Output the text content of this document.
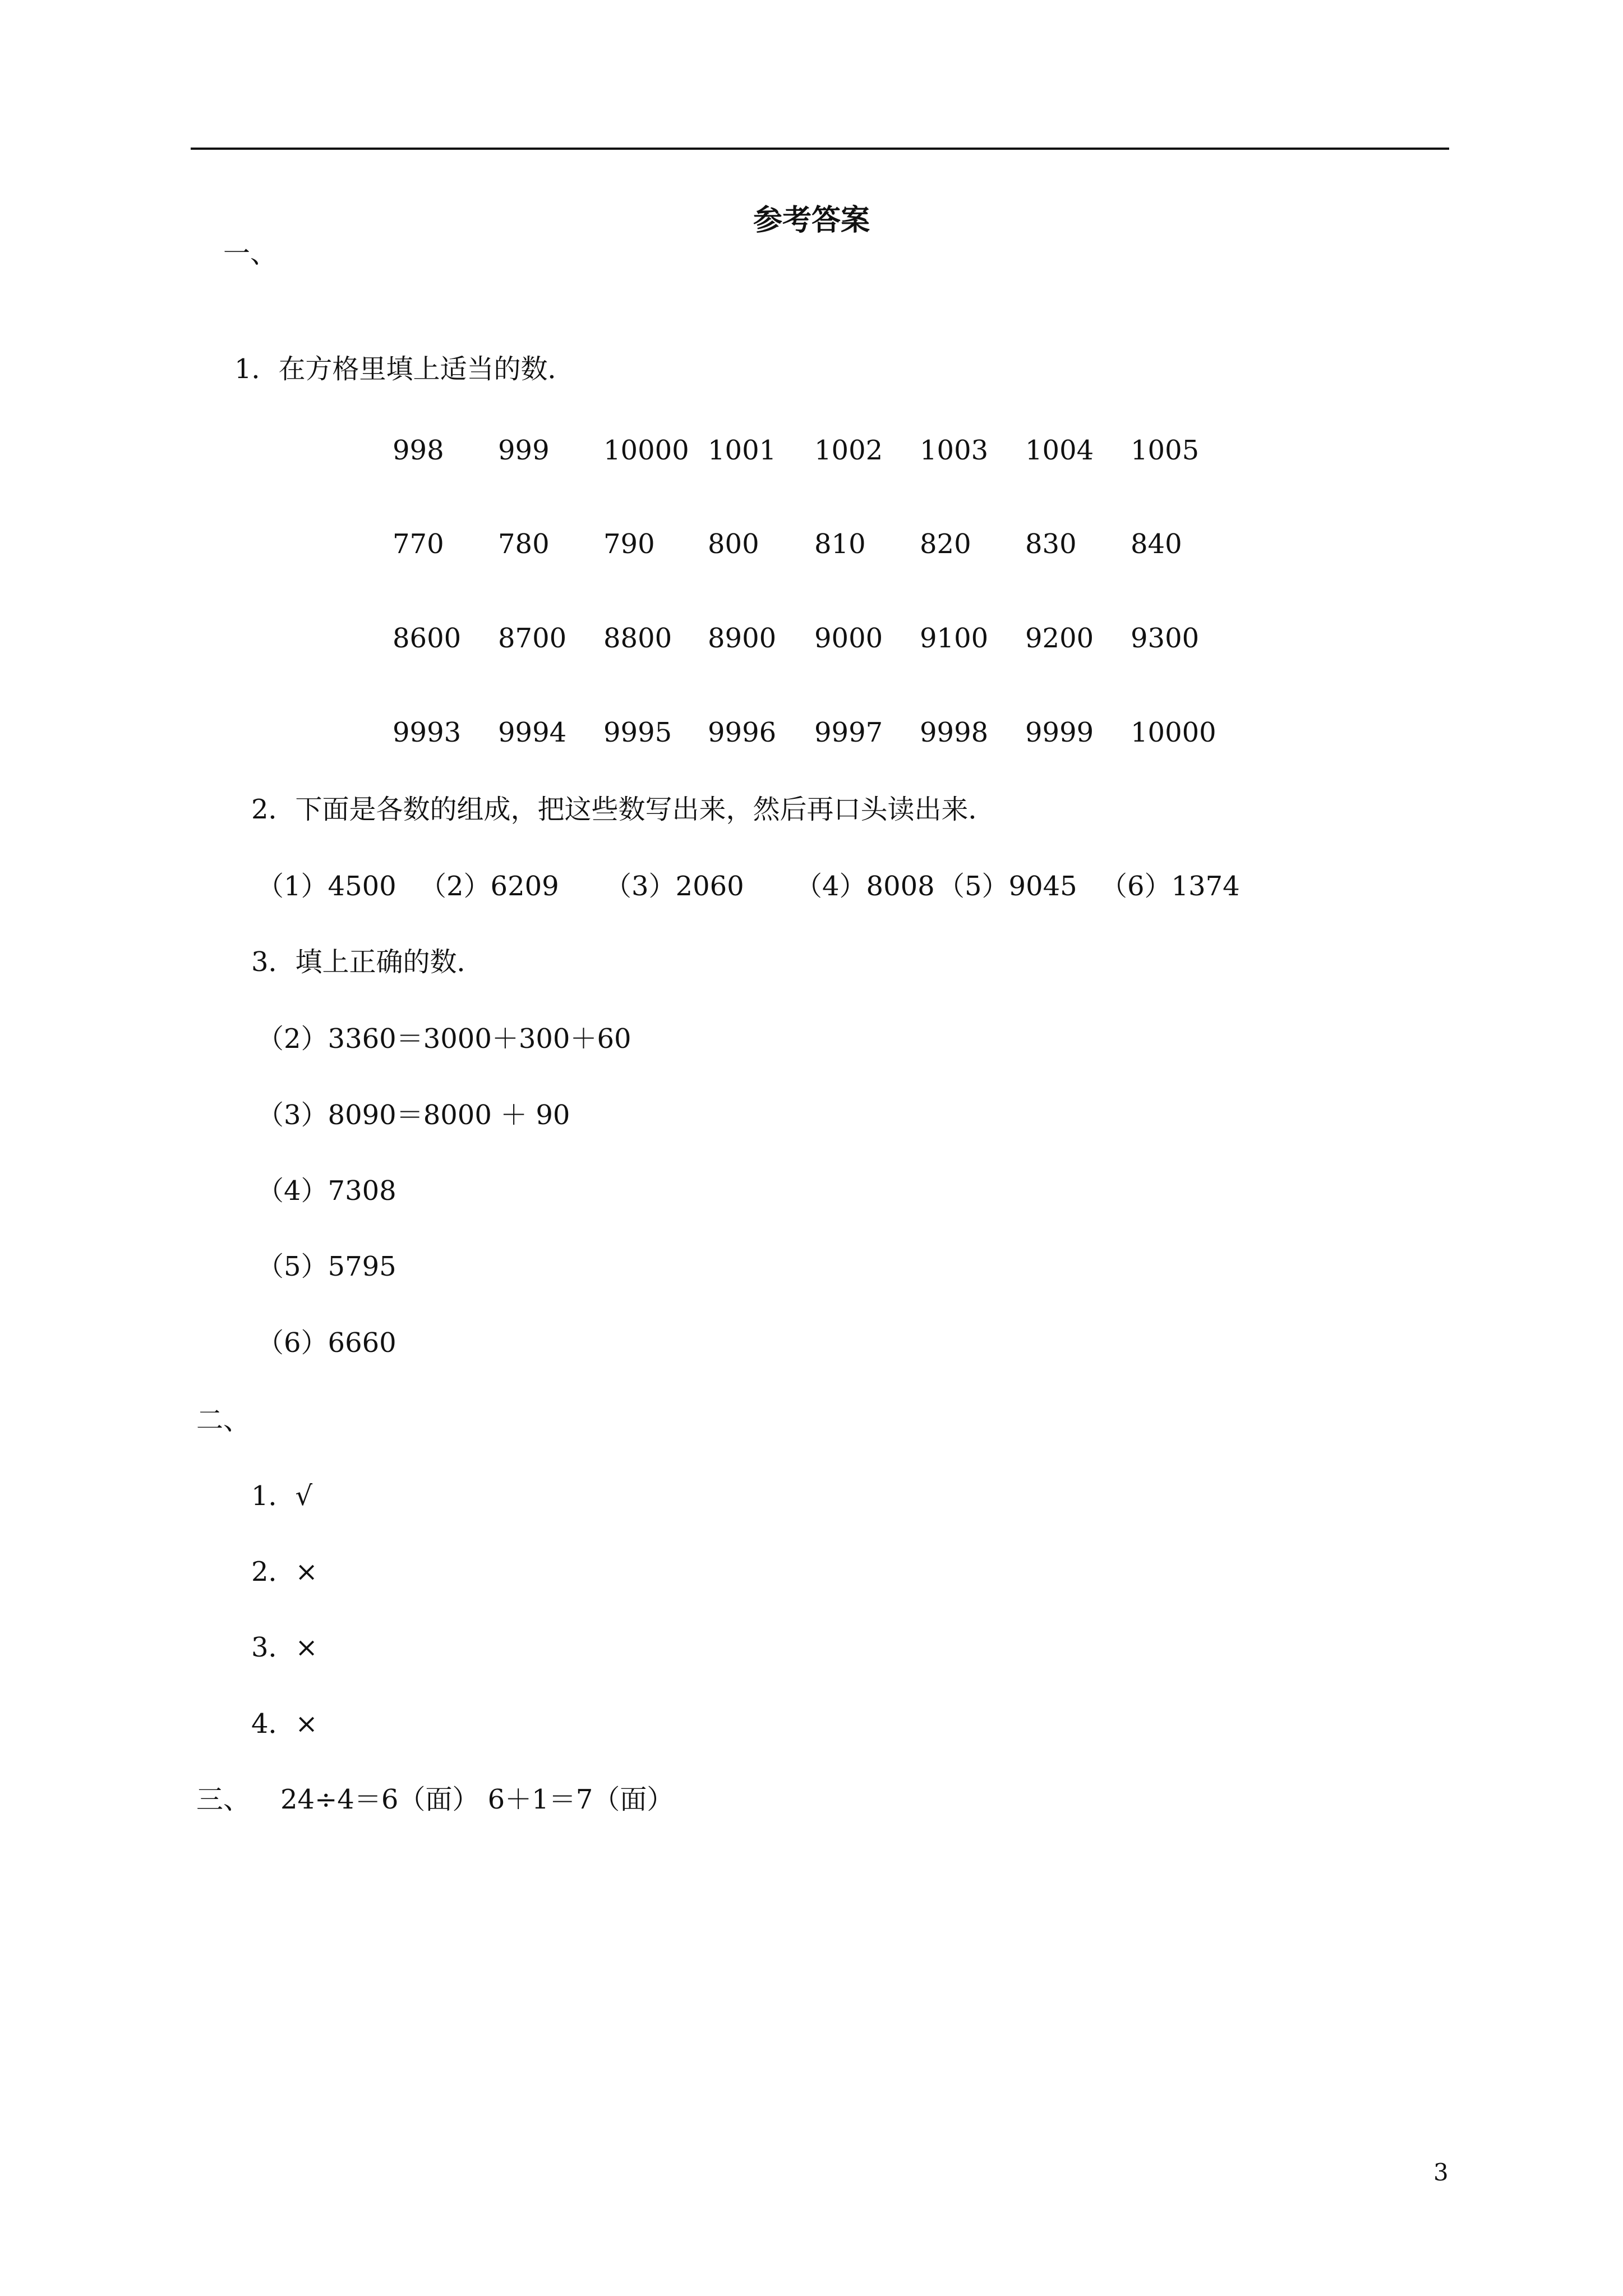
参考答案
一、
1．在方格里填上适当的数．
998 999 10000 1001 1002 1003 1004 1005
770 780 790 800 810 820 830 840
8600 8700 8800 8900 9000 9100 9200 9300
9993 9994 9995 9996 9997 9998 9999 10000
2．下面是各数的组成，把这些数写出来，然后再口头读出来．
（1）4500 （2）6209 （3）2060 （4）8008 （5）9045 （6）1374
3．填上正确的数．
（2）3360＝3000＋300＋60
（3）8090＝8000 ＋ 90
（4）7308
（5）5795
（6）6660
二、
1．√
2．×
3．×
4．×
三、 24÷4＝6（面） 6＋1＝7（面）
3
